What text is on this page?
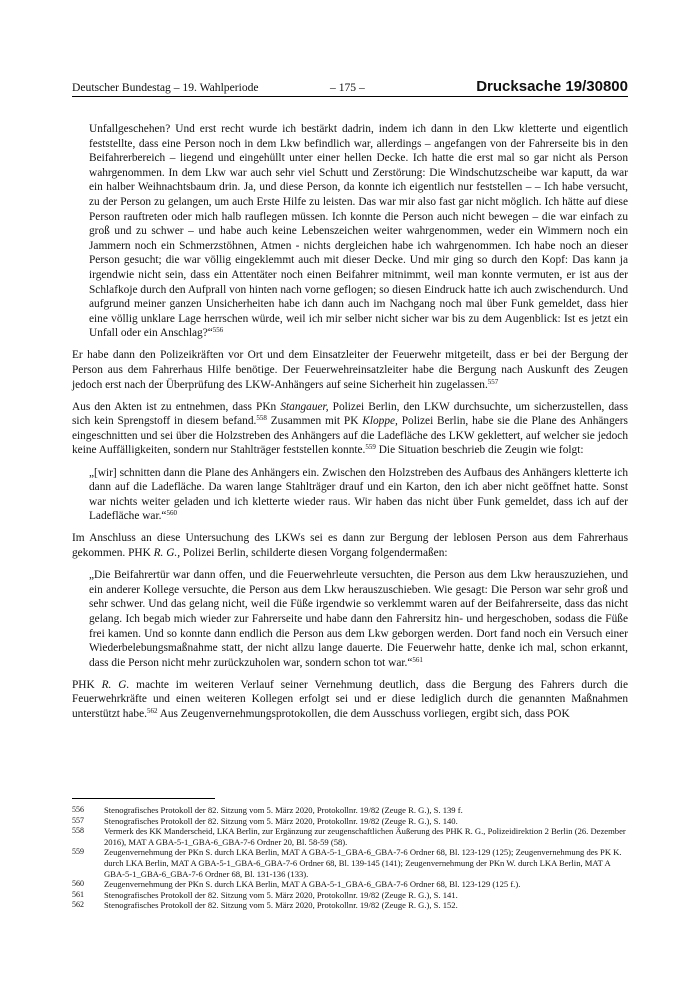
Deutscher Bundestag – 19. Wahlperiode	– 175 –	Drucksache 19/30800

Unfallgeschehen? Und erst recht wurde ich bestärkt dadrin, indem ich dann in den Lkw kletterte und eigentlich feststellte, dass eine Person noch in dem Lkw befindlich war, allerdings – angefangen von der Fahrerseite bis in den Beifahrerbereich – liegend und eingehüllt unter einer hellen Decke. Ich hatte die erst mal so gar nicht als Person wahrgenommen. In dem Lkw war auch sehr viel Schutt und Zerstörung: Die Windschutzscheibe war kaputt, da war ein halber Weihnachtsbaum drin. Ja, und diese Person, da konnte ich eigentlich nur feststellen – – Ich habe versucht, zu der Person zu gelangen, um auch Erste Hilfe zu leisten. Das war mir also fast gar nicht möglich. Ich hätte auf diese Person rauftreten oder mich halb rauflegen müssen. Ich konnte die Person auch nicht bewegen – die war einfach zu groß und zu schwer – und habe auch keine Lebenszeichen weiter wahrgenommen, weder ein Wimmern noch ein Jammern noch ein Schmerzstöhnen, Atmen - nichts dergleichen habe ich wahrgenommen. Ich habe noch an dieser Person gesucht; die war völlig eingeklemmt auch mit dieser Decke. Und mir ging so durch den Kopf: Das kann ja irgendwie nicht sein, dass ein Attentäter noch einen Beifahrer mitnimmt, weil man konnte vermuten, er ist aus der Schlafkoje durch den Aufprall von hinten nach vorne geflogen; so diesen Eindruck hatte ich auch zwischendurch. Und aufgrund meiner ganzen Unsicherheiten habe ich dann auch im Nachgang noch mal über Funk gemeldet, dass hier eine völlig unklare Lage herrschen würde, weil ich mir selber nicht sicher war bis zu dem Augenblick: Ist es jetzt ein Unfall oder ein Anschlag?“$^{556}$

Er habe dann den Polizeikräften vor Ort und dem Einsatzleiter der Feuerwehr mitgeteilt, dass er bei der Bergung der Person aus dem Fahrerhaus Hilfe benötige. Der Feuerwehreinsatzleiter habe die Bergung nach Auskunft des Zeugen jedoch erst nach der Überprüfung des LKW-Anhängers auf seine Sicherheit hin zugelassen.$^{557}$

Aus den Akten ist zu entnehmen, dass PKn Stangauer, Polizei Berlin, den LKW durchsuchte, um sicherzustellen, dass sich kein Sprengstoff in diesem befand.$^{558}$ Zusammen mit PK Kloppe, Polizei Berlin, habe sie die Plane des Anhängers eingeschnitten und sei über die Holzstreben des Anhängers auf die Ladefläche des LKW geklettert, auf welcher sie jedoch keine Auffälligkeiten, sondern nur Stahlträger feststellen konnte.$^{559}$ Die Situation beschrieb die Zeugin wie folgt:

„[wir] schnitten dann die Plane des Anhängers ein. Zwischen den Holzstreben des Aufbaus des Anhängers kletterte ich dann auf die Ladefläche. Da waren lange Stahlträger drauf und ein Karton, den ich aber nicht geöffnet hatte. Sonst war nichts weiter geladen und ich kletterte wieder raus. Wir haben das nicht über Funk gemeldet, dass ich auf der Ladefläche war.“$^{560}$

Im Anschluss an diese Untersuchung des LKWs sei es dann zur Bergung der leblosen Person aus dem Fahrerhaus gekommen. PHK R. G., Polizei Berlin, schilderte diesen Vorgang folgendermaßen:

„Die Beifahrertür war dann offen, und die Feuerwehrleute versuchten, die Person aus dem Lkw herauszuziehen, und ein anderer Kollege versuchte, die Person aus dem Lkw herauszuschieben. Wie gesagt: Die Person war sehr groß und sehr schwer. Und das gelang nicht, weil die Füße irgendwie so verklemmt waren auf der Beifahrerseite, dass das nicht gelang. Ich begab mich wieder zur Fahrerseite und habe dann den Fahrersitz hin- und hergeschoben, sodass die Füße frei kamen. Und so konnte dann endlich die Person aus dem Lkw geborgen werden. Dort fand noch ein Versuch einer Wiederbelebungsmaßnahme statt, der nicht allzu lange dauerte. Die Feuerwehr hatte, denke ich mal, schon erkannt, dass die Person nicht mehr zurückzuholen war, sondern schon tot war.“$^{561}$

PHK R. G. machte im weiteren Verlauf seiner Vernehmung deutlich, dass die Bergung des Fahrers durch die Feuerwehrkräfte und einen weiteren Kollegen erfolgt sei und er diese lediglich durch die genannten Maßnahmen unterstützt habe.$^{562}$ Aus Zeugenvernehmungsprotokollen, die dem Ausschuss vorliegen, ergibt sich, dass POK

556	Stenografisches Protokoll der 82. Sitzung vom 5. März 2020, Protokollnr. 19/82 (Zeuge R. G.), S. 139 f.
557	Stenografisches Protokoll der 82. Sitzung vom 5. März 2020, Protokollnr. 19/82 (Zeuge R. G.), S. 140.
558	Vermerk des KK Manderscheid, LKA Berlin, zur Ergänzung zur zeugenschaftlichen Äußerung des PHK R. G., Polizeidirektion 2 Berlin (26. Dezember 2016), MAT A GBA-5-1_GBA-6_GBA-7-6 Ordner 20, Bl. 58-59 (58).
559	Zeugenvernehmung der PKn S. durch LKA Berlin, MAT A GBA-5-1_GBA-6_GBA-7-6 Ordner 68, Bl. 123-129 (125); Zeugenvernehmung des PK K. durch LKA Berlin, MAT A GBA-5-1_GBA-6_GBA-7-6 Ordner 68, Bl. 139-145 (141); Zeugenvernehmung der PKn W. durch LKA Berlin, MAT A GBA-5-1_GBA-6_GBA-7-6 Ordner 68, Bl. 131-136 (133).
560	Zeugenvernehmung der PKn S. durch LKA Berlin, MAT A GBA-5-1_GBA-6_GBA-7-6 Ordner 68, Bl. 123-129 (125 f.).
561	Stenografisches Protokoll der 82. Sitzung vom 5. März 2020, Protokollnr. 19/82 (Zeuge R. G.), S. 141.
562	Stenografisches Protokoll der 82. Sitzung vom 5. März 2020, Protokollnr. 19/82 (Zeuge R. G.), S. 152.
